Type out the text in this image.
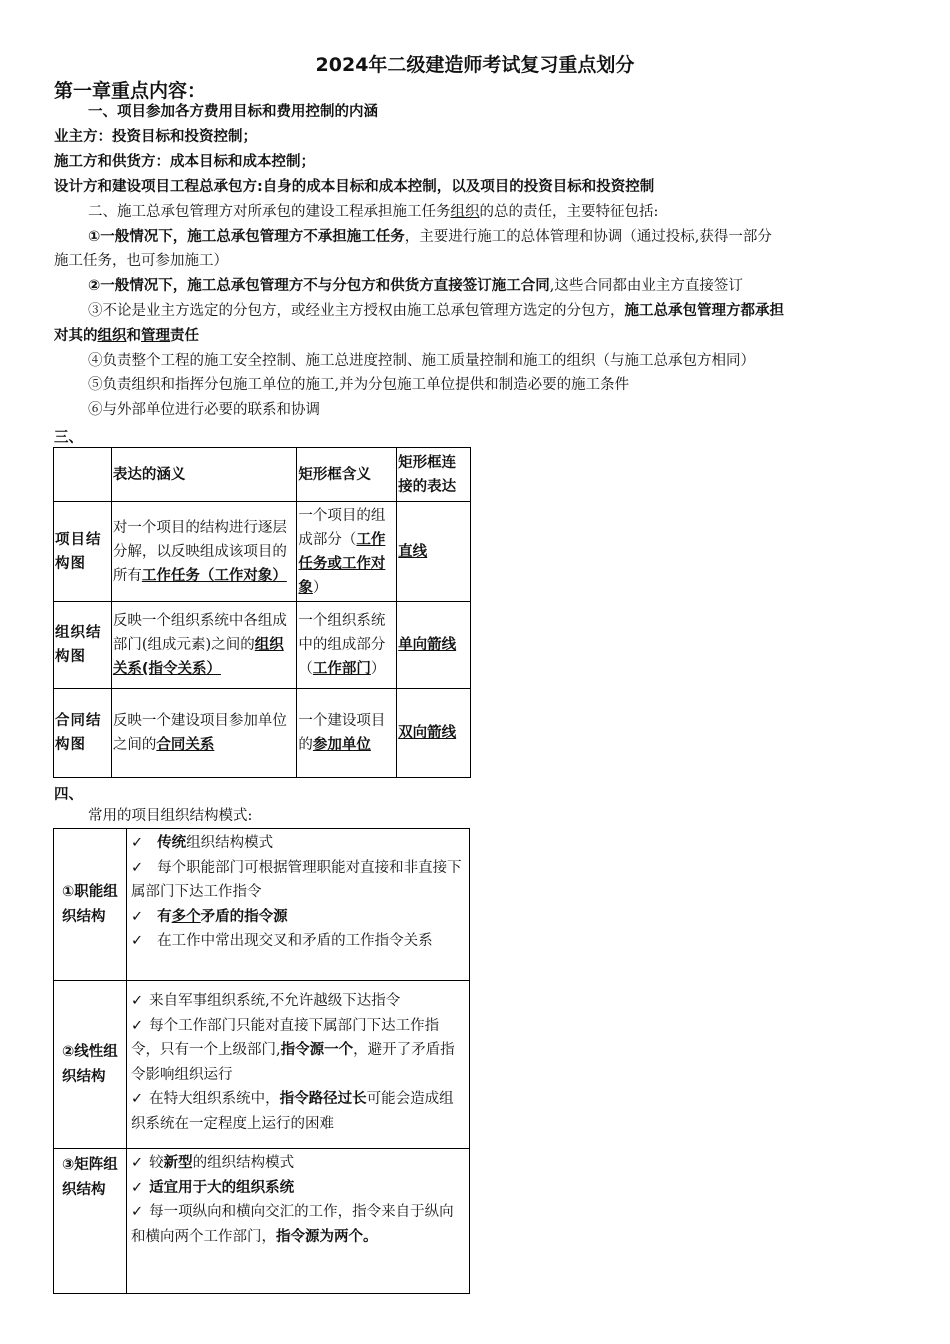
2024年二级建造师考试复习重点划分
第一章重点内容：
一、项目参加各方费用目标和费用控制的内涵
业主方：投资目标和投资控制；
施工方和供货方：成本目标和成本控制；
设计方和建设项目工程总承包方:自身的成本目标和成本控制，以及项目的投资目标和投资控制
二、施工总承包管理方对所承包的建设工程承担施工任务组织的总的责任，主要特征包括:
①一般情况下，施工总承包管理方不承担施工任务，主要进行施工的总体管理和协调（通过投标,获得一部分
施工任务，也可参加施工）
②一般情况下，施工总承包管理方不与分包方和供货方直接签订施工合同,这些合同都由业主方直接签订
③不论是业主方选定的分包方，或经业主方授权由施工总承包管理方选定的分包方，施工总承包管理方都承担
对其的组织和管理责任
④负责整个工程的施工安全控制、施工总进度控制、施工质量控制和施工的组织（与施工总承包方相同）
⑤负责组织和指挥分包施工单位的施工,并为分包施工单位提供和制造必要的施工条件
⑥与外部单位进行必要的联系和协调
三、
	表达的涵义	矩形框含义	矩形框连接的表达
项目结构图	对一个项目的结构进行逐层分解，以反映组成该项目的所有工作任务（工作对象）	一个项目的组成部分（工作任务或工作对象）	直线
组织结构图	反映一个组织系统中各组成部门(组成元素)之间的组织关系(指令关系）	一个组织系统中的组成部分（工作部门）	单向箭线
合同结构图	反映一个建设项目参加单位之间的合同关系	一个建设项目的参加单位	双向箭线
四、
常用的项目组织结构模式:
①职能组织结构	✓ 传统组织结构模式
✓ 每个职能部门可根据管理职能对直接和非直接下属部门下达工作指令
✓ 有多个矛盾的指令源
✓ 在工作中常出现交叉和矛盾的工作指令关系

②线性组织结构	✓ 来自军事组织系统,不允许越级下达指令
✓ 每个工作部门只能对直接下属部门下达工作指令，只有一个上级部门,指令源一个，避开了矛盾指令影响组织运行
✓ 在特大组织系统中，指令路径过长可能会造成组织系统在一定程度上运行的困难

③矩阵组织结构	✓ 较新型的组织结构模式
✓ 适宜用于大的组织系统
✓ 每一项纵向和横向交汇的工作，指令来自于纵向和横向两个工作部门，指令源为两个。
